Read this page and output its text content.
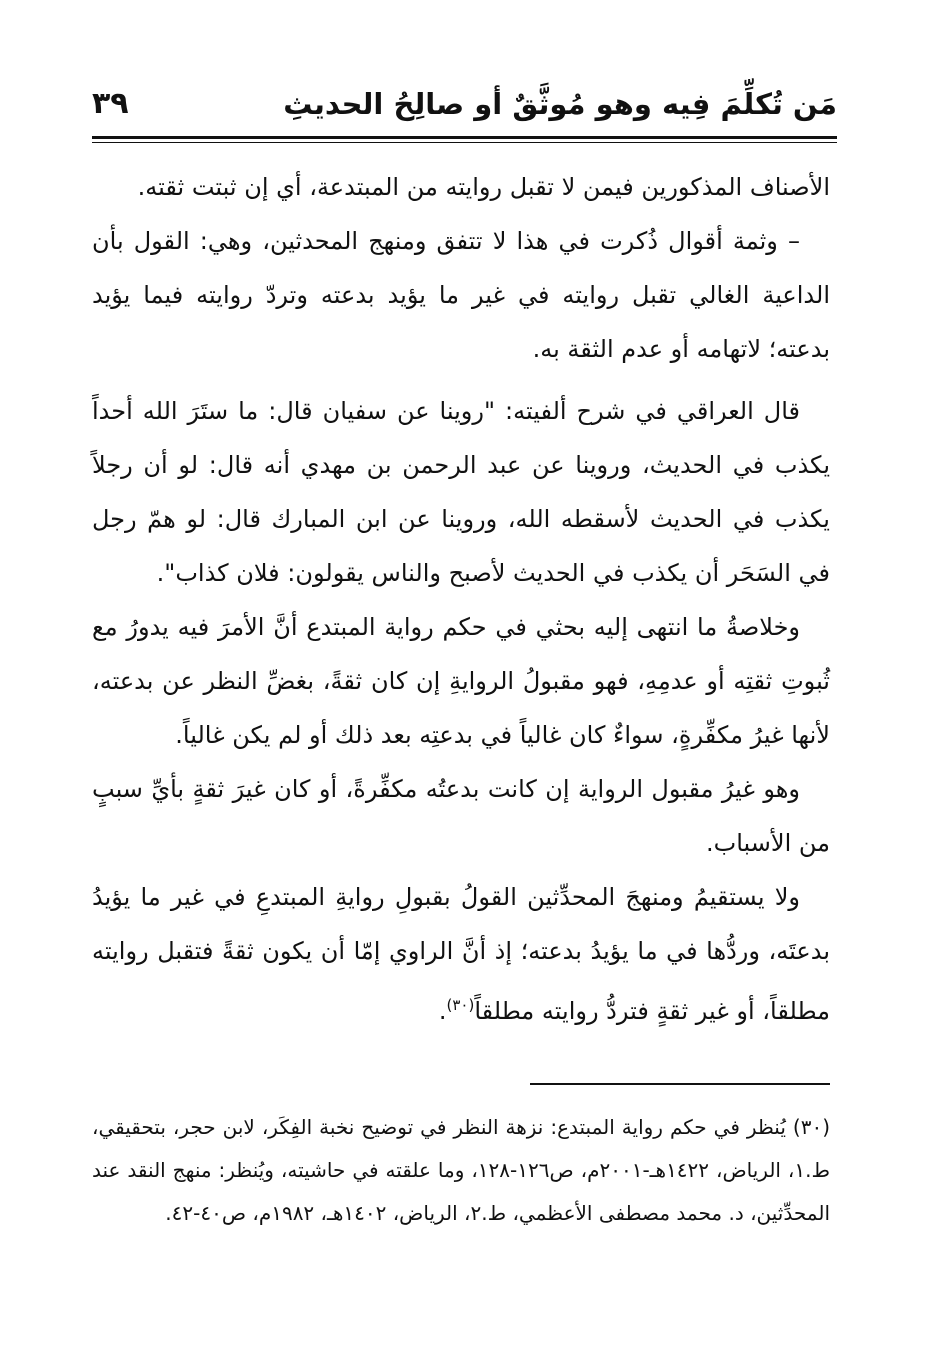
مَن تُكلِّمَ فِيه وهو مُوثَّقٌ أو صالِحُ الحديثِ
٣٩

الأصناف المذكورين فيمن لا تقبل روايته من المبتدعة، أي إن ثبتت ثقته.

– وثمة أقوال ذُكرت في هذا لا تتفق ومنهج المحدثين، وهي: القول بأن الداعية الغالي تقبل روايته في غير ما يؤيد بدعته وتردّ روايته فيما يؤيد بدعته؛ لاتهامه أو عدم الثقة به.

قال العراقي في شرح ألفيته: "روينا عن سفيان قال: ما ستَرَ الله أحداً يكذب في الحديث، وروينا عن عبد الرحمن بن مهدي أنه قال: لو أن رجلاً يكذب في الحديث لأسقطه الله، وروينا عن ابن المبارك قال: لو همّ رجل في السَحَر أن يكذب في الحديث لأصبح والناس يقولون: فلان كذاب".

وخلاصةُ ما انتهى إليه بحثي في حكم رواية المبتدع أنَّ الأمرَ فيه يدورُ مع ثُبوتِ ثقتِه أو عدمِهِ، فهو مقبولُ الروايةِ إن كان ثقةً، بغضِّ النظر عن بدعته، لأنها غيرُ مكفِّرةٍ، سواءٌ كان غالياً في بدعتِه بعد ذلك أو لم يكن غالياً.

وهو غيرُ مقبول الرواية إن كانت بدعتُه مكفِّرةً، أو كان غيرَ ثقةٍ بأيِّ سببٍ من الأسباب.

ولا يستقيمُ ومنهجَ المحدِّثين القولُ بقبولِ روايةِ المبتدعِ في غير ما يؤيدُ بدعتَه، وردُّها في ما يؤيدُ بدعته؛ إذ أنَّ الراوي إمّا أن يكون ثقةً فتقبل روايته مطلقاً، أو غير ثقةٍ فتردُّ روايته مطلقاً$^{(٣٠)}$.

(٣٠) يُنظر في حكم رواية المبتدع: نزهة النظر في توضيح نخبة الفِكَر، لابن حجر، بتحقيقي، ط.١، الرياض، ١٤٢٢هـ-٢٠٠١م، ص١٢٦-١٢٨، وما علقته في حاشيته، ويُنظر: منهج النقد عند المحدِّثين، د. محمد مصطفى الأعظمي، ط.٢، الرياض، ١٤٠٢هـ، ١٩٨٢م، ص٤٠-٤٢.
